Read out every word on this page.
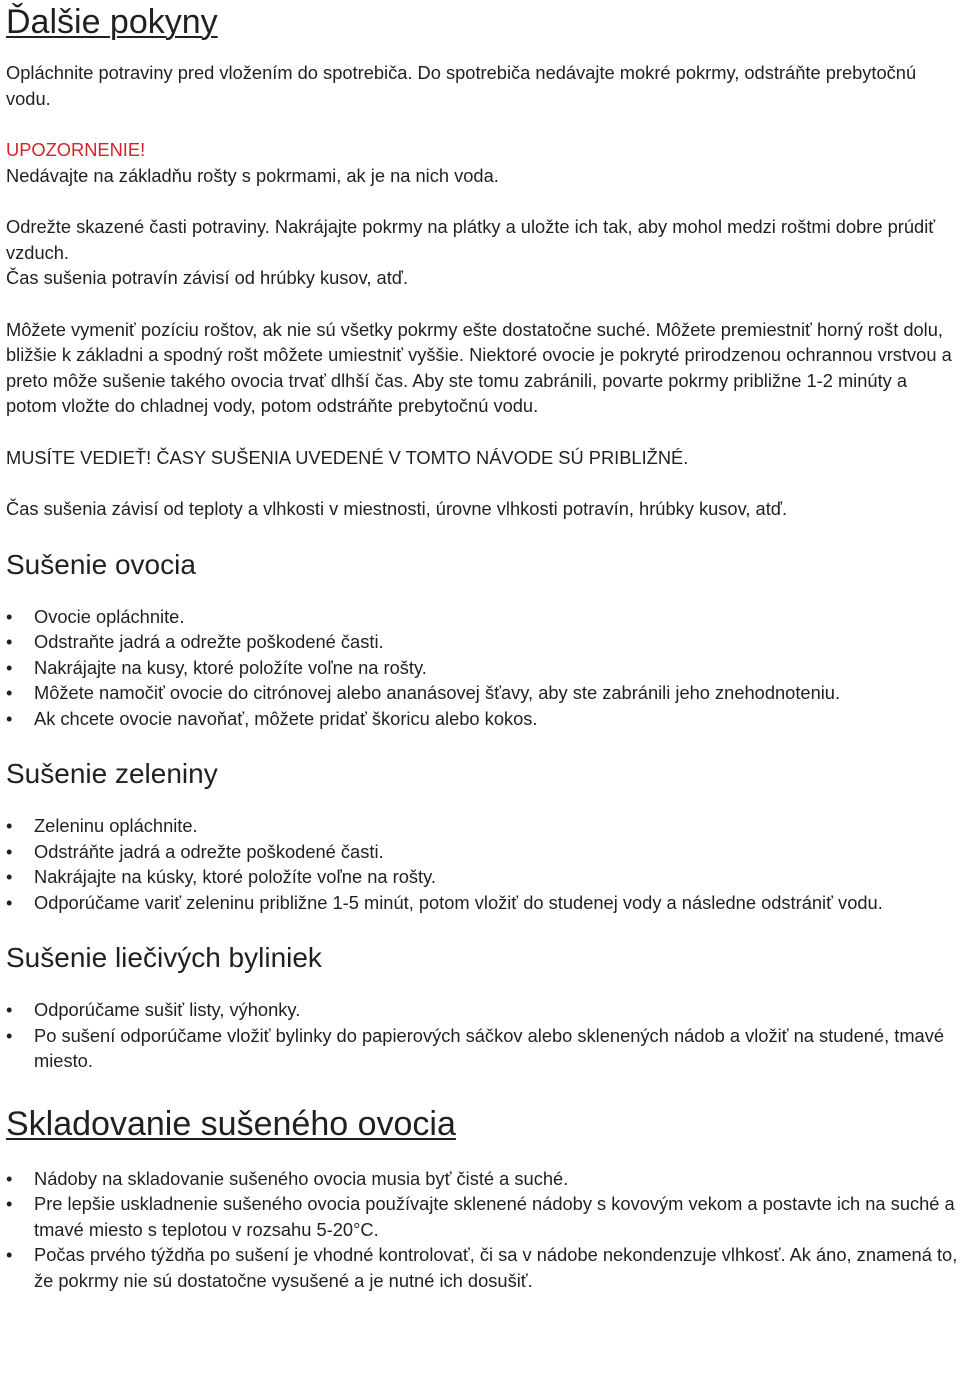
Ďalšie pokyny

Opláchnite potraviny pred vložením do spotrebiča. Do spotrebiča nedávajte mokré pokrmy, odstráňte prebytočnú vodu.

UPOZORNENIE!

Nedávajte na základňu rošty s pokrmami, ak je na nich voda.

Odrežte skazené časti potraviny. Nakrájajte pokrmy na plátky a uložte ich tak, aby mohol medzi roštmi dobre prúdiť vzduch.

Čas sušenia potravín závisí od hrúbky kusov, atď.

Môžete vymeniť pozíciu roštov, ak nie sú všetky pokrmy ešte dostatočne suché. Môžete premiestniť horný rošt dolu, bližšie k základni a spodný rošt môžete umiestniť vyššie. Niektoré ovocie je pokryté prirodzenou ochrannou vrstvou a preto môže sušenie takého ovocia trvať dlhší čas. Aby ste tomu zabránili, povarte pokrmy približne 1-2 minúty a potom vložte do chladnej vody, potom odstráňte prebytočnú vodu.

MUSÍTE VEDIEŤ! ČASY SUŠENIA UVEDENÉ V TOMTO NÁVODE SÚ PRIBLIŽNÉ.

Čas sušenia závisí od teploty a vlhkosti v miestnosti, úrovne vlhkosti potravín, hrúbky kusov, atď.

Sušenie ovocia
• Ovocie opláchnite.
• Odstraňte jadrá a odrežte poškodené časti.
• Nakrájajte na kusy, ktoré položíte voľne na rošty.
• Môžete namočiť ovocie do citrónovej alebo ananásovej šťavy, aby ste zabránili jeho znehodnoteniu.
• Ak chcete ovocie navoňať, môžete pridať škoricu alebo kokos.
Sušenie zeleniny
• Zeleninu opláchnite.
• Odstráňte jadrá a odrežte poškodené časti.
• Nakrájajte na kúsky, ktoré položíte voľne na rošty.
• Odporúčame variť zeleninu približne 1-5 minút, potom vložiť do studenej vody a následne odstrániť vodu.
Sušenie liečivých byliniek
• Odporúčame sušiť listy, výhonky.
• Po sušení odporúčame vložiť bylinky do papierových sáčkov alebo sklenených nádob a vložiť na studené, tmavé miesto.
Skladovanie sušeného ovocia
• Nádoby na skladovanie sušeného ovocia musia byť čisté a suché.
• Pre lepšie uskladnenie sušeného ovocia používajte sklenené nádoby s kovovým vekom a postavte ich na suché a tmavé miesto s teplotou v rozsahu 5-20°C.
• Počas prvého týždňa po sušení je vhodné kontrolovať, či sa v nádobe nekondenzuje vlhkosť. Ak áno, znamená to, že pokrmy nie sú dostatočne vysušené a je nutné ich dosušiť.
